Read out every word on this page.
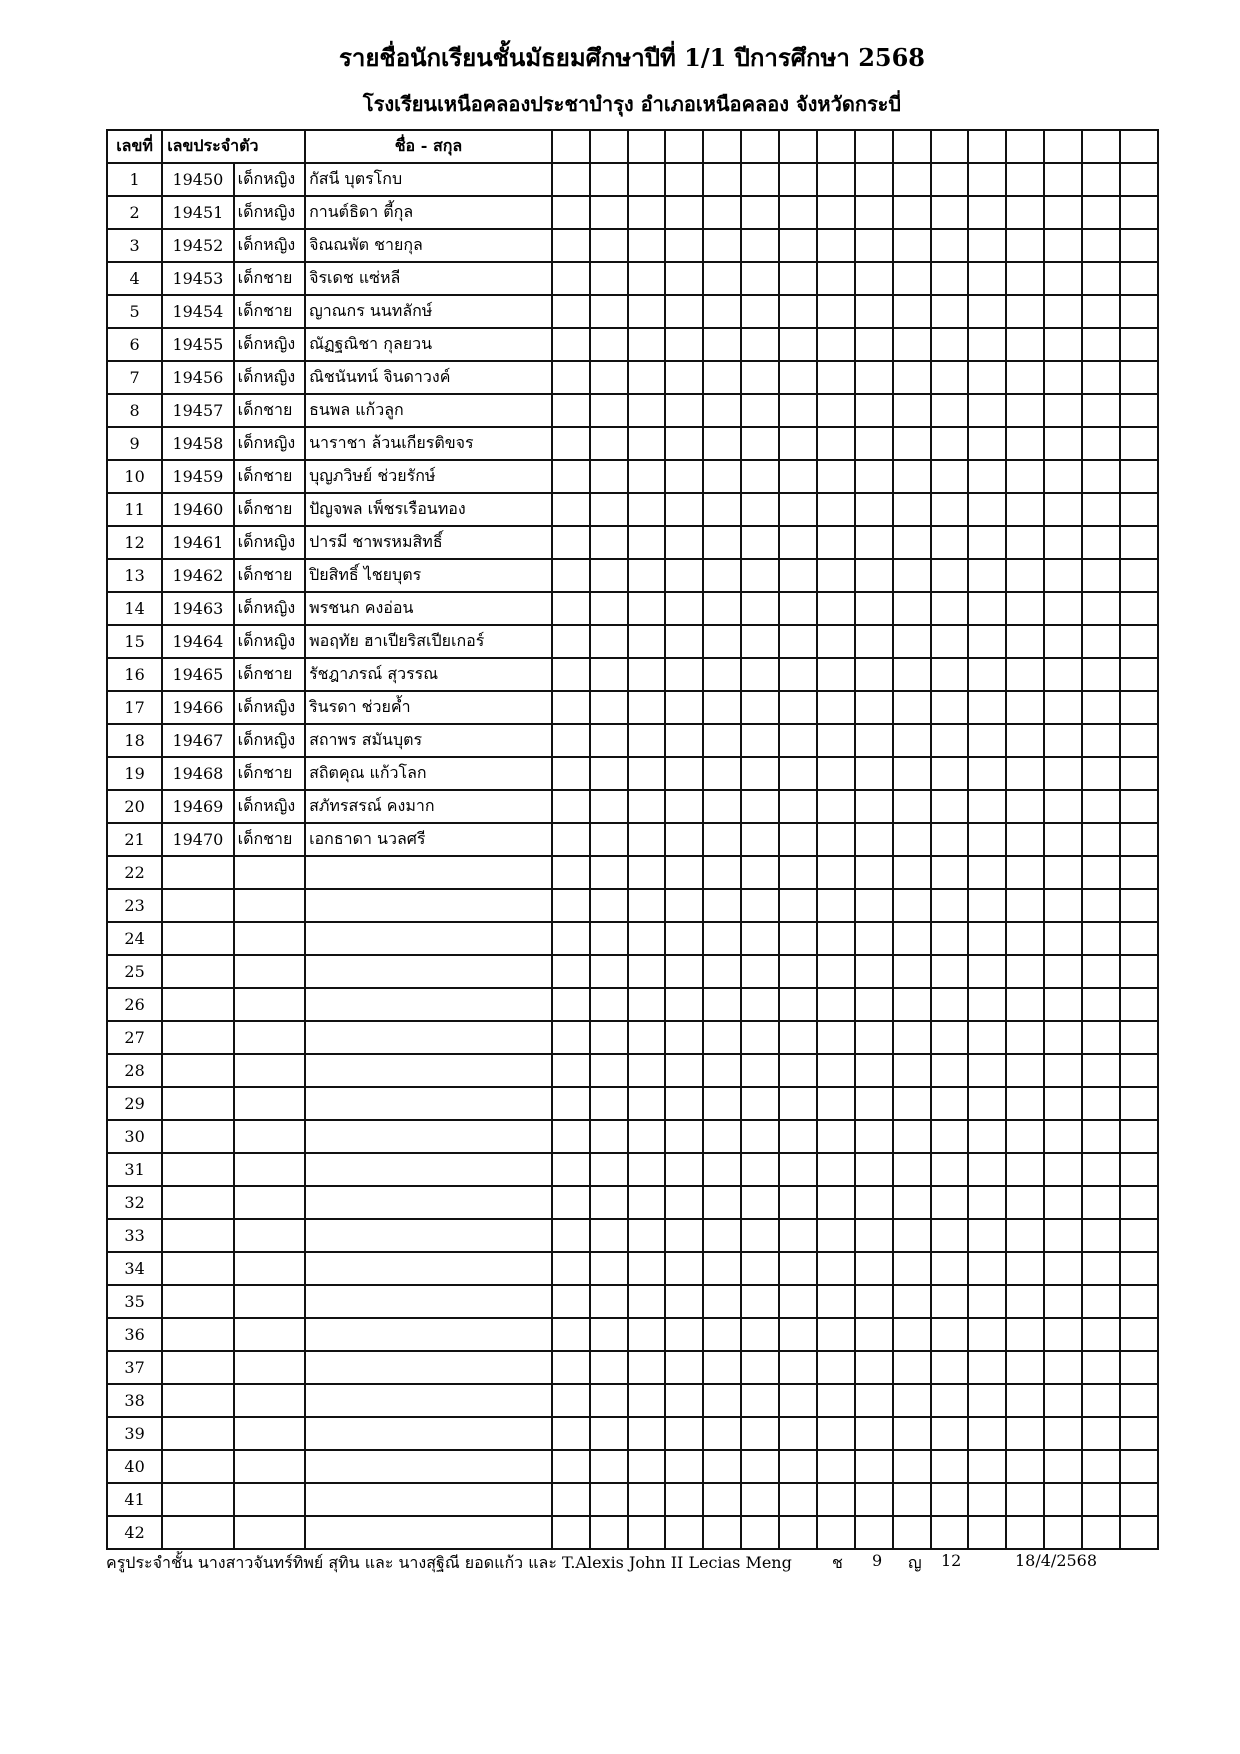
รายชื่อนักเรียนชั้นมัธยมศึกษาปีที่ 1/1 ปีการศึกษา 2568
โรงเรียนเหนือคลองประชาบำรุง อำเภอเหนือคลอง จังหวัดกระบี่
เลขที่	เลขประจำตัว		ชื่อ - สกุล																
1	19450	เด็กหญิง	กัสนี บุตรโกบ																
2	19451	เด็กหญิง	กานต์ธิดา ตี้กุล																
3	19452	เด็กหญิง	จิณณพัต ชายกุล																
4	19453	เด็กชาย	จิรเดช แซ่หลี																
5	19454	เด็กชาย	ญาณกร นนทลักษ์																
6	19455	เด็กหญิง	ณัฏฐณิชา กุลยวน																
7	19456	เด็กหญิง	ณิชนันทน์ จินดาวงค์																
8	19457	เด็กชาย	ธนพล แก้วลูก																
9	19458	เด็กหญิง	นาราชา ล้วนเกียรติขจร																
10	19459	เด็กชาย	บุญภวิษย์ ช่วยรักษ์																
11	19460	เด็กชาย	ปัญจพล เพ็ชรเรือนทอง																
12	19461	เด็กหญิง	ปารมี ชาพรหมสิทธิ์																
13	19462	เด็กชาย	ปิยสิทธิ์ ไชยบุตร																
14	19463	เด็กหญิง	พรชนก คงอ่อน																
15	19464	เด็กหญิง	พอฤทัย ฮาเปียริสเปียเกอร์																
16	19465	เด็กชาย	รัชฎาภรณ์ สุวรรณ																
17	19466	เด็กหญิง	รินรดา ช่วยค้ำ																
18	19467	เด็กหญิง	สถาพร สมันบุตร																
19	19468	เด็กชาย	สถิตคุณ แก้วโลก																
20	19469	เด็กหญิง	สภัทรสรณ์ คงมาก																
21	19470	เด็กชาย	เอกธาดา นวลศรี																
22																			
23																			
24																			
25																			
26																			
27																			
28																			
29																			
30																			
31																			
32																			
33																			
34																			
35																			
36																			
37																			
38																			
39																			
40																			
41																			
42																			
ครูประจำชั้น นางสาวจันทร์ทิพย์ สุทิน และ นางสุฐิณี ยอดแก้ว และ T.Alexis John II Lecias Meng	ช 9 ญ 12	18/4/2568
